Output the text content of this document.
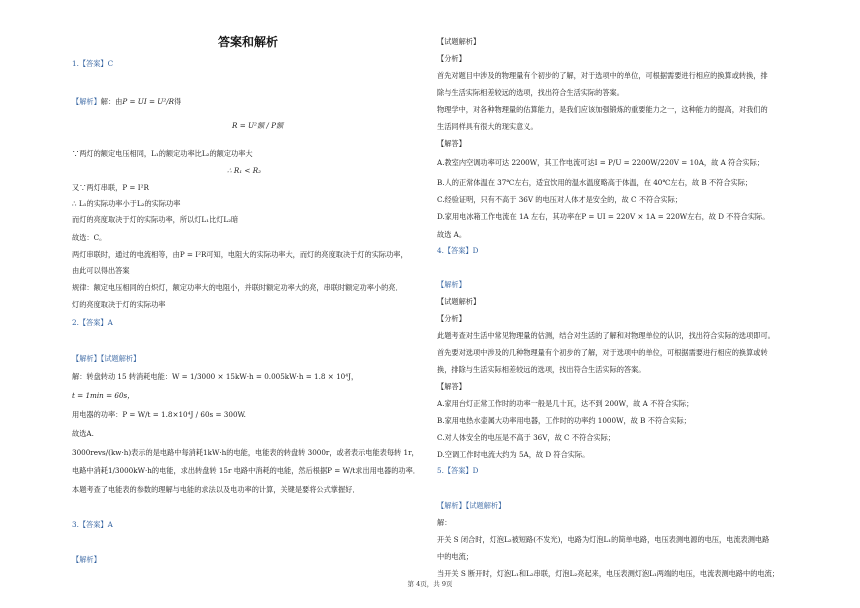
答案和解析
1.【答案】C
【解析】解：由P = UI = U²/R得
R = U²额 / P额
∵两灯的额定电压相同，L₁的额定功率比L₂的额定功率大
∴ R₁ < R₂
又∵两灯串联，P = I²R
∴ L₁的实际功率小于L₂的实际功率
而灯的亮度取决于灯的实际功率，所以灯L₁比灯L₂暗
故选：C。
两灯串联时，通过的电流相等，由P = I²R可知，电阻大的实际功率大，而灯的亮度取决于灯的实际功率，
由此可以得出答案
规律：额定电压相同的白炽灯，额定功率大的电阻小，并联时额定功率大的亮，串联时额定功率小的亮．
灯的亮度取决于灯的实际功率
2.【答案】A
【解析】【试题解析】
解：转盘转动 15 转消耗电能：W = 1/3000 × 15kW·h = 0.005kW·h = 1.8 × 10⁴J，
t = 1min = 60s，
用电器的功率：P = W/t = 1.8×10⁴J / 60s = 300W.
故选A.
3000revs/(kw·h)表示的是电路中每消耗1kW·h的电能，电能表的转盘转 3000r，或者表示电能表每转 1r，
电路中消耗1/3000kW·h的电能，求出转盘转 15r 电路中消耗的电能，然后根据P = W/t求出用电器的功率．
本题考查了电能表的参数的理解与电能的求法以及电功率的计算，关键是要将公式掌握好．
3.【答案】A
【解析】
【试题解析】
【分析】
首先对题目中涉及的物理量有个初步的了解，对于选项中的单位，可根据需要进行相应的换算或转换，排
除与生活实际相差较远的选项，找出符合生活实际的答案。
物理学中，对各种物理量的估算能力，是我们应该加强锻炼的重要能力之一，这种能力的提高，对我们的
生活同样具有很大的现实意义。
【解答】
A.教室内空调功率可达 2200W，其工作电流可达I = P/U = 2200W/220V = 10A，故 A 符合实际；
B.人的正常体温在 37℃左右，适宜饮用的温水温度略高于体温，在 40℃左右，故 B 不符合实际；
C.经验证明，只有不高于 36V 的电压对人体才是安全的，故 C 不符合实际；
D.家用电冰箱工作电流在 1A 左右，其功率在P = UI = 220V × 1A = 220W左右，故 D 不符合实际。
故选 A。
4.【答案】D
【解析】
【试题解析】
【分析】
此题考查对生活中常见物理量的估测，结合对生活的了解和对物理单位的认识，找出符合实际的选项即可。
首先要对选项中涉及的几种物理量有个初步的了解，对于选项中的单位，可根据需要进行相应的换算或转
换，排除与生活实际相差较远的选项，找出符合生活实际的答案。
【解答】
A.家用台灯正常工作时的功率一般是几十瓦，达不到 200W，故 A 不符合实际；
B.家用电热水壶属大功率用电器，工作时的功率约 1000W，故 B 不符合实际；
C.对人体安全的电压是不高于 36V，故 C 不符合实际；
D.空调工作时电流大约为 5A，故 D 符合实际。
5.【答案】D
【解析】【试题解析】
解：
开关 S 闭合时，灯泡L₂被短路(不发光)，电路为灯泡L₁的简单电路，电压表测电源的电压，电流表测电路
中的电流；
当开关 S 断开时，灯泡L₁和L₂串联，灯泡L₂亮起来，电压表测灯泡L₁两端的电压，电流表测电路中的电流；
第 4页，共 9页
